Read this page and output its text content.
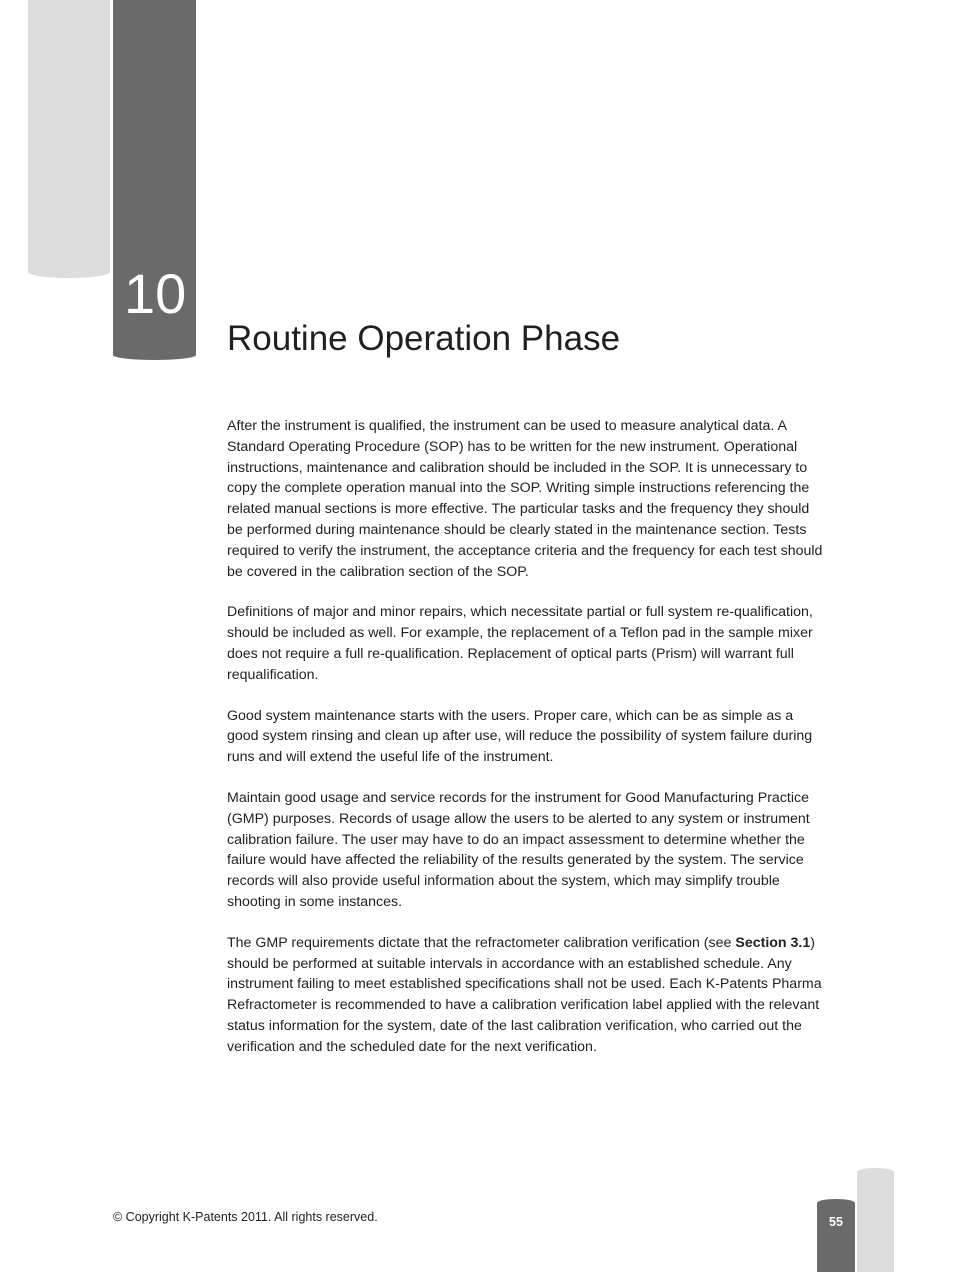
10
Routine Operation Phase

After the instrument is qualified, the instrument can be used to measure analytical data. A Standard Operating Procedure (SOP) has to be written for the new instrument. Operational instructions, maintenance and calibration should be included in the SOP. It is unnecessary to copy the complete operation manual into the SOP. Writing simple instructions referencing the related manual sections is more effective. The particular tasks and the frequency they should be performed during maintenance should be clearly stated in the maintenance section. Tests required to verify the instrument, the acceptance criteria and the frequency for each test should be covered in the calibration section of the SOP.

Definitions of major and minor repairs, which necessitate partial or full system re-qualification, should be included as well. For example, the replacement of a Teflon pad in the sample mixer does not require a full re-qualification. Replacement of optical parts (Prism) will warrant full requalification.

Good system maintenance starts with the users. Proper care, which can be as simple as a good system rinsing and clean up after use, will reduce the possibility of system failure during runs and will extend the useful life of the instrument.

Maintain good usage and service records for the instrument for Good Manufacturing Practice (GMP) purposes. Records of usage allow the users to be alerted to any system or instrument calibration failure. The user may have to do an impact assessment to determine whether the failure would have affected the reliability of the results generated by the system. The service records will also provide useful information about the system, which may simplify trouble shooting in some instances.

The GMP requirements dictate that the refractometer calibration verification (see Section 3.1) should be performed at suitable intervals in accordance with an established schedule. Any instrument failing to meet established specifications shall not be used. Each K-Patents Pharma Refractometer is recommended to have a calibration verification label applied with the relevant status information for the system, date of the last calibration verification, who carried out the verification and the scheduled date for the next verification.

© Copyright K-Patents 2011. All rights reserved.	55
